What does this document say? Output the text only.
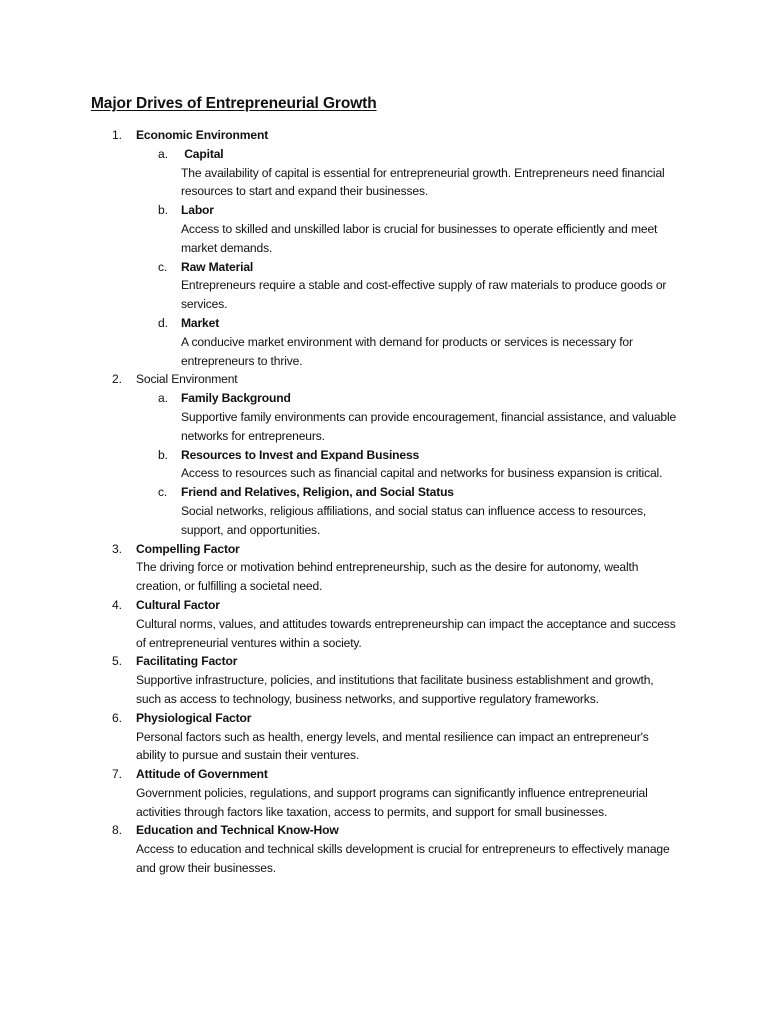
Major Drives of Entrepreneurial Growth
1.	Economic Environment
a.	Capital
The availability of capital is essential for entrepreneurial growth. Entrepreneurs need financial resources to start and expand their businesses.
b.	Labor
Access to skilled and unskilled labor is crucial for businesses to operate efficiently and meet market demands.
c.	Raw Material
Entrepreneurs require a stable and cost-effective supply of raw materials to produce goods or services.
d.	Market
A conducive market environment with demand for products or services is necessary for entrepreneurs to thrive.
2.	Social Environment
a.	Family Background
Supportive family environments can provide encouragement, financial assistance, and valuable networks for entrepreneurs.
b.	Resources to Invest and Expand Business
Access to resources such as financial capital and networks for business expansion is critical.
c.	Friend and Relatives, Religion, and Social Status
Social networks, religious affiliations, and social status can influence access to resources, support, and opportunities.
3.	Compelling Factor
The driving force or motivation behind entrepreneurship, such as the desire for autonomy, wealth creation, or fulfilling a societal need.
4.	Cultural Factor
Cultural norms, values, and attitudes towards entrepreneurship can impact the acceptance and success of entrepreneurial ventures within a society.
5.	Facilitating Factor
Supportive infrastructure, policies, and institutions that facilitate business establishment and growth, such as access to technology, business networks, and supportive regulatory frameworks.
6.	Physiological Factor
Personal factors such as health, energy levels, and mental resilience can impact an entrepreneur's ability to pursue and sustain their ventures.
7.	Attitude of Government
Government policies, regulations, and support programs can significantly influence entrepreneurial activities through factors like taxation, access to permits, and support for small businesses.
8.	Education and Technical Know-How
Access to education and technical skills development is crucial for entrepreneurs to effectively manage and grow their businesses.
